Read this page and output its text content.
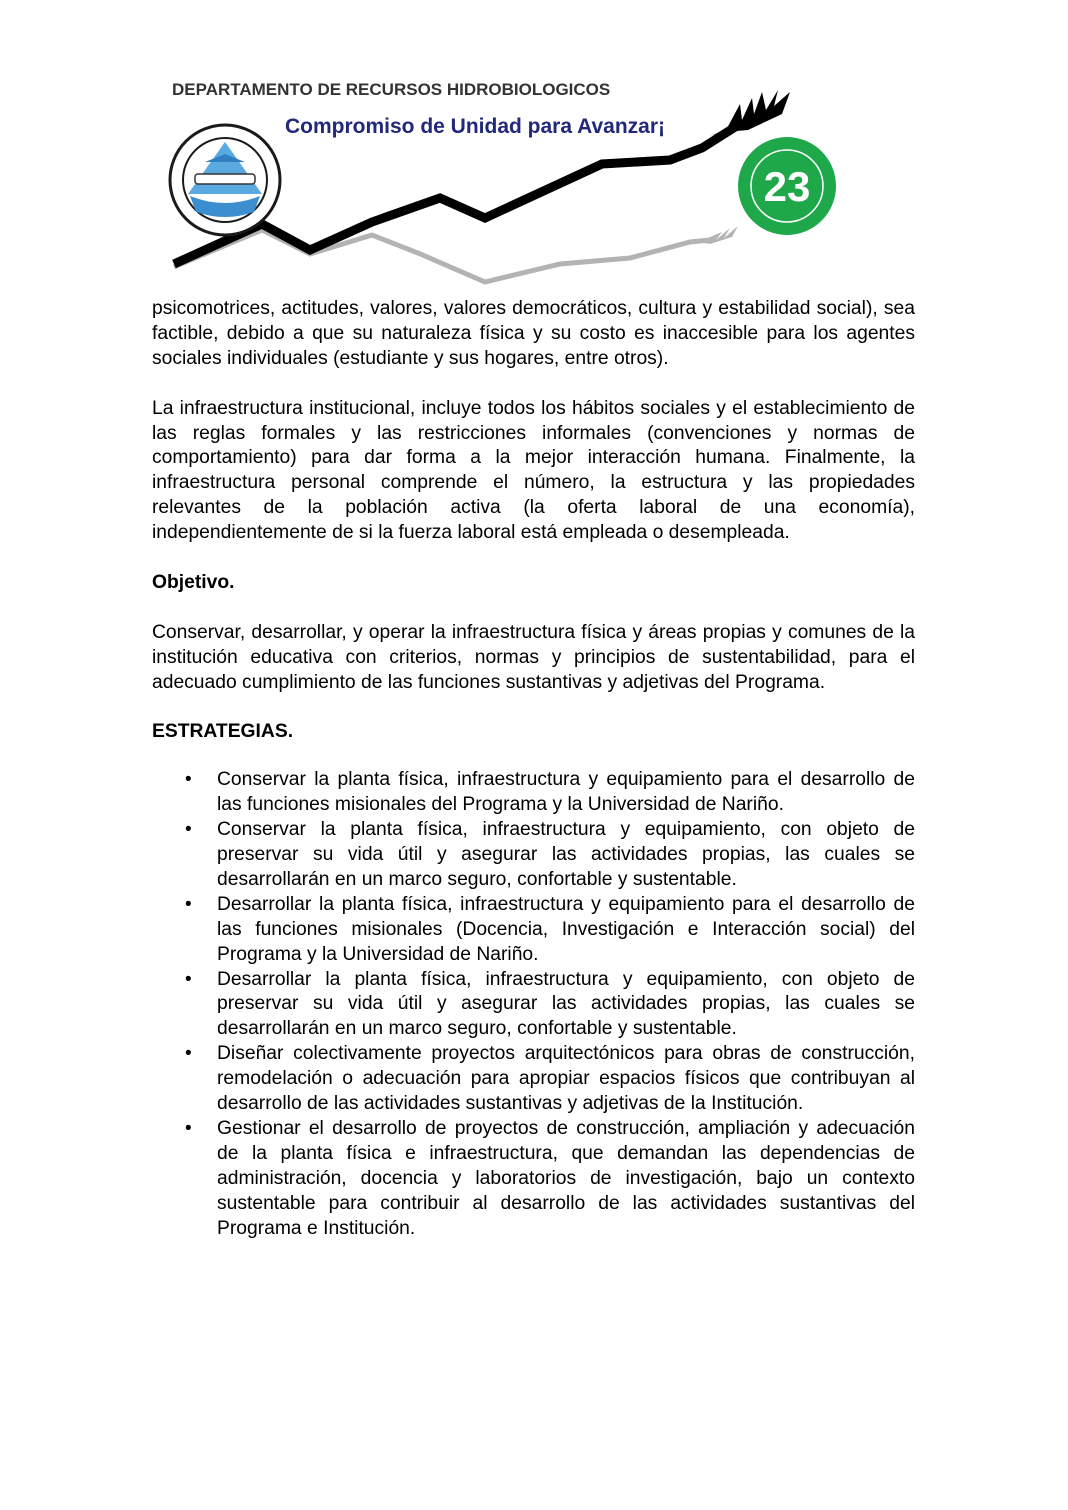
DEPARTAMENTO DE RECURSOS HIDROBIOLOGICOS
Compromiso de Unidad para Avanzar¡
23

psicomotrices, actitudes, valores, valores democráticos, cultura y estabilidad social), sea factible, debido a que su naturaleza física y su costo es inaccesible para los agentes sociales individuales (estudiante y sus hogares, entre otros).

La infraestructura institucional, incluye todos los hábitos sociales y el establecimiento de las reglas formales y las restricciones informales (convenciones y normas de comportamiento) para dar forma a la mejor interacción humana. Finalmente, la infraestructura personal comprende el número, la estructura y las propiedades relevantes de la población activa (la oferta laboral de una economía), independientemente de si la fuerza laboral está empleada o desempleada.

Objetivo.

Conservar, desarrollar, y operar la infraestructura física y áreas propias y comunes de la institución educativa con criterios, normas y principios de sustentabilidad, para el adecuado cumplimiento de las funciones sustantivas y adjetivas del Programa.

ESTRATEGIAS.
• Conservar la planta física, infraestructura y equipamiento para el desarrollo de las funciones misionales del Programa y la Universidad de Nariño.
• Conservar la planta física, infraestructura y equipamiento, con objeto de preservar su vida útil y asegurar las actividades propias, las cuales se desarrollarán en un marco seguro, confortable y sustentable.
• Desarrollar la planta física, infraestructura y equipamiento para el desarrollo de las funciones misionales (Docencia, Investigación e Interacción social) del Programa y la Universidad de Nariño.
• Desarrollar la planta física, infraestructura y equipamiento, con objeto de preservar su vida útil y asegurar las actividades propias, las cuales se desarrollarán en un marco seguro, confortable y sustentable.
• Diseñar colectivamente proyectos arquitectónicos para obras de construcción, remodelación o adecuación para apropiar espacios físicos que contribuyan al desarrollo de las actividades sustantivas y adjetivas de la Institución.
• Gestionar el desarrollo de proyectos de construcción, ampliación y adecuación de la planta física e infraestructura, que demandan las dependencias de administración, docencia y laboratorios de investigación, bajo un contexto sustentable para contribuir al desarrollo de las actividades sustantivas del Programa e Institución.
